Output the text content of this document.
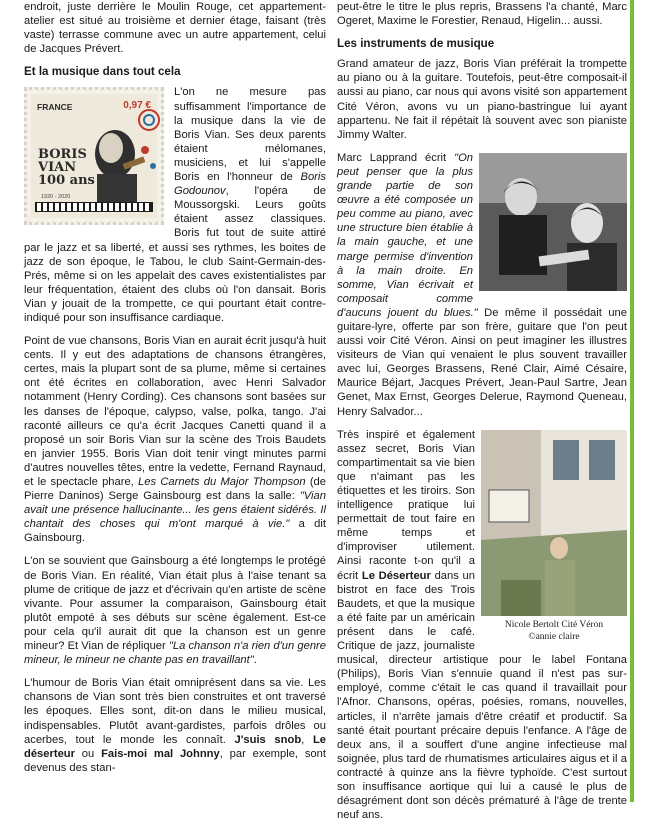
endroit, juste derrière le Moulin Rouge, cet appartement-atelier est situé au troisième et dernier étage, faisant (très vaste) terrasse commune avec un autre appartement, celui de Jacques Prévert.

Et la musique dans tout cela
FRANCE	0,97 €
BORIS VIAN 100 ans
1920 - 2020

L'on ne mesure pas suffisamment l'importance de la musique dans la vie de Boris Vian. Ses deux parents étaient mélomanes, musiciens, et lui s'appelle Boris en l'honneur de Boris Godounov, l'opéra de Moussorgski. Leurs goûts étaient assez classiques. Boris fut tout de suite attiré par le jazz et sa liberté, et aussi ses rythmes, les boites de jazz de son époque, le Tabou, le club Saint-Germain-des-Prés, même si on les appelait des caves existentialistes par leur fréquentation, étaient des clubs où l'on dansait. Boris Vian y jouait de la trompette, ce qui pourtant était contre-indiqué pour son insuffisance cardiaque.

Point de vue chansons, Boris Vian en aurait écrit jusqu'à huit cents. Il y eut des adaptations de chansons étrangères, certes, mais la plupart sont de sa plume, même si certaines ont été écrites en collaboration, avec Henri Salvador notamment (Henry Cording). Ces chansons sont basées sur les danses de l'époque, calypso, valse, polka, tango. J'ai raconté ailleurs ce qu'a écrit Jacques Canetti quand il a proposé un soir Boris Vian sur la scène des Trois Baudets en janvier 1955. Boris Vian doit tenir vingt minutes parmi d'autres nouvelles têtes, entre la vedette, Fernand Raynaud, et le spectacle phare, Les Carnets du Major Thompson (de Pierre Daninos) Serge Gainsbourg est dans la salle: "Vian avait une présence hallucinante... les gens étaient sidérés. Il chantait des choses qui m'ont marqué à vie." a dit Gainsbourg.

L'on se souvient que Gainsbourg a été longtemps le protégé de Boris Vian. En réalité, Vian était plus à l'aise tenant sa plume de critique de jazz et d'écrivain qu'en artiste de scène vivante. Pour assumer la comparaison, Gainsbourg était plutôt empoté à ses débuts sur scène également. Est-ce pour cela qu'il aurait dit que la chanson est un genre mineur? Et Vian de répliquer "La chanson n'a rien d'un genre mineur, le mineur ne chante pas en travaillant".

L'humour de Boris Vian était omniprésent dans sa vie. Les chansons de Vian sont très bien construites et ont traversé les époques. Elles sont, dit-on dans le milieu musical, indispensables. Plutôt avant-gardistes, parfois drôles ou acerbes, tout le monde les connaît. J'suis snob, Le déserteur ou Fais-moi mal Johnny, par exemple, sont devenus des stan-

peut-être le titre le plus repris, Brassens l'a chanté, Marc Ogeret, Maxime le Forestier, Renaud, Higelin... aussi.

Les instruments de musique

Grand amateur de jazz, Boris Vian préférait la trompette au piano ou à la guitare. Toutefois, peut-être composait-il aussi au piano, car nous qui avons visité son appartement Cité Véron, avons vu un piano-bastringue lui ayant appartenu. Ne fait il répétait là souvent avec son pianiste Jimmy Walter.

Marc Lapprand écrit "On peut penser que la plus grande partie de son œuvre a été composée un peu comme au piano, avec une structure bien établie à la main gauche, et une marge permise d'invention à la main droite. En somme, Vian écrivait et composait comme d'aucuns jouent du blues." De même il possédait une guitare-lyre, offerte par son frère, guitare que l'on peut aussi voir Cité Véron. Ainsi on peut imaginer les illustres visiteurs de Vian qui venaient le plus souvent travailler avec lui, Georges Brassens, René Clair, Aimé Césaire, Maurice Béjart, Jacques Prévert, Jean-Paul Sartre, Jean Genet, Max Ernst, Georges Delerue, Raymond Queneau, Henry Salvador...

Nicole Bertolt Cité Véron
©annie claire

Très inspiré et également assez secret, Boris Vian compartimentait sa vie bien que n'aimant pas les étiquettes et les tiroirs. Son intelligence pratique lui permettait de tout faire en même temps et d'improviser utilement. Ainsi raconte t-on qu'il a écrit Le Déserteur dans un bistrot en face des Trois Baudets, et que la musique a été faite par un américain présent dans le café. Critique de jazz, journaliste musical, directeur artistique pour le label Fontana (Philips), Boris Vian s'ennuie quand il n'est pas sur-employé, comme c'était le cas quand il travaillait pour l'Afnor. Chansons, opéras, poésies, romans, nouvelles, articles, il n'arrête jamais d'être créatif et productif. Sa santé était pourtant précaire depuis l'enfance. A l'âge de deux ans, il a souffert d'une angine infectieuse mal soignée, plus tard de rhumatismes articulaires aigus et il a contracté à quinze ans la fièvre typhoïde. C'est surtout son insuffisance aortique qui lui a causé le plus de désagrément dont son décès prématuré à l'âge de trente neuf ans.
